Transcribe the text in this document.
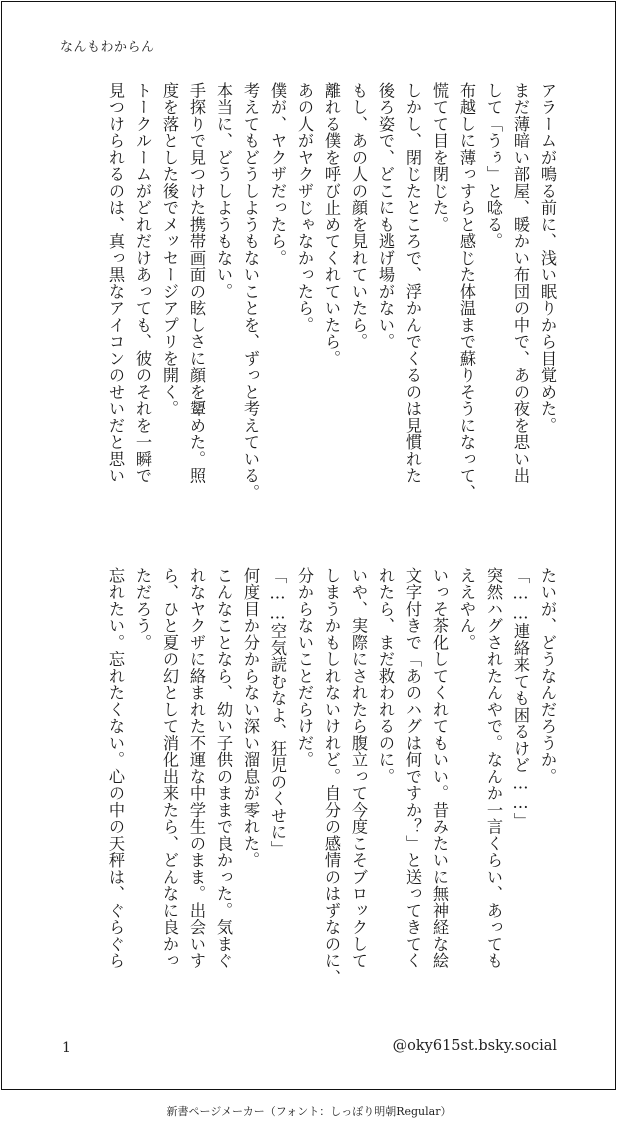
なんもわからん
アラームが鳴る前に、浅い眠りから目覚めた。
まだ薄暗い部屋、暖かい布団の中で、あの夜を思い出
して「うぅ」と唸る。
布越しに薄っすらと感じた体温まで蘇りそうになって、
慌てて目を閉じた。
しかし、閉じたところで、浮かんでくるのは見慣れた
後ろ姿で、どこにも逃げ場がない。
もし、あの人の顔を見れていたら。
離れる僕を呼び止めてくれていたら。
あの人がヤクザじゃなかったら。
僕が、ヤクザだったら。
考えてもどうしようもないことを、ずっと考えている。
本当に、どうしようもない。
手探りで見つけた携帯画面の眩しさに顔を顰めた。照
度を落とした後でメッセージアプリを開く。
トークルームがどれだけあっても、彼のそれを一瞬で
見つけられるのは、真っ黒なアイコンのせいだと思い
たいが、どうなんだろうか。
「……連絡来ても困るけど……」
突然ハグされたんやで。なんか一言くらい、あっても
ええやん。
いっそ茶化してくれてもいい。昔みたいに無神経な絵
文字付きで「あのハグは何ですか？」と送ってきてく
れたら、まだ救われるのに。
いや、実際にされたら腹立って今度こそブロックして
しまうかもしれないけれど。自分の感情のはずなのに、
分からないことだらけだ。
「……空気読むなよ、狂児のくせに」
何度目か分からない深い溜息が零れた。
こんなことなら、幼い子供のままで良かった。気まぐ
れなヤクザに絡まれた不運な中学生のまま。出会いす
ら、ひと夏の幻として消化出来たら、どんなに良かっ
ただろう。
忘れたい。忘れたくない。心の中の天秤は、ぐらぐら
1	@oky615st.bsky.social
新書ページメーカー（フォント：しっぽり明朝Regular）
